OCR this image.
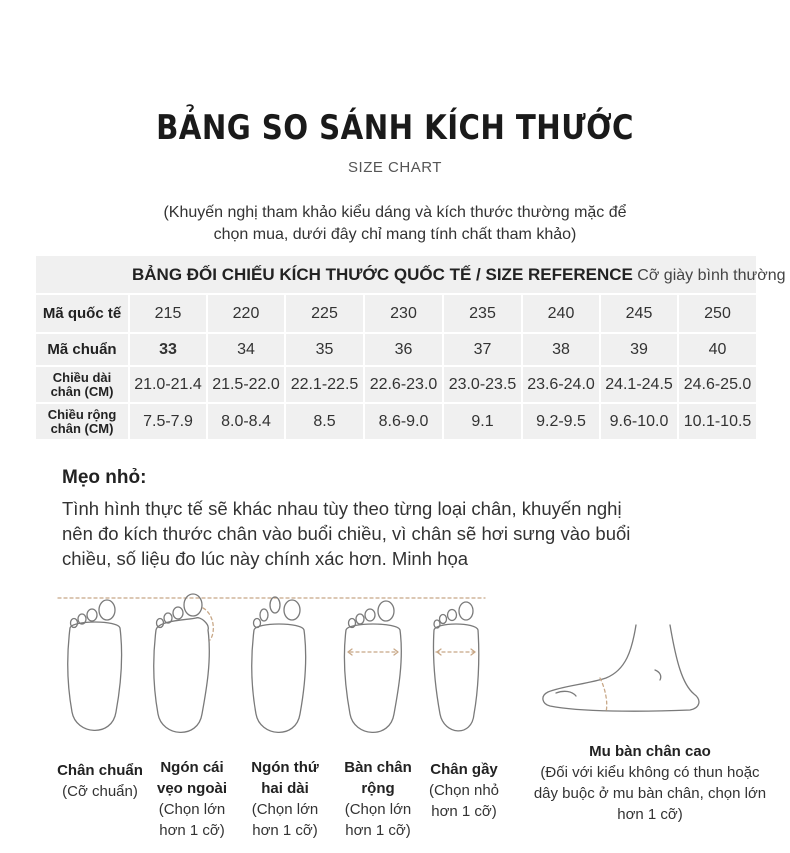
BẢNG SO SÁNH KÍCH THƯỚC
SIZE CHART
(Khuyến nghị tham khảo kiểu dáng và kích thước thường mặc để
chọn mua, dưới đây chỉ mang tính chất tham khảo)
BẢNG ĐỐI CHIẾU KÍCH THƯỚC QUỐC TẾ / SIZE REFERENCE Cỡ giày bình thường								
Mã quốc tế	215	220	225	230	235	240	245	250
Mã chuẩn	33	34	35	36	37	38	39	40
Chiều dài chân (CM)	21.0-21.4	21.5-22.0	22.1-22.5	22.6-23.0	23.0-23.5	23.6-24.0	24.1-24.5	24.6-25.0
Chiều rộng chân (CM)	7.5-7.9	8.0-8.4	8.5	8.6-9.0	9.1	9.2-9.5	9.6-10.0	10.1-10.5
Mẹo nhỏ:
Tình hình thực tế sẽ khác nhau tùy theo từng loại chân, khuyến nghị nên đo kích thước chân vào buổi chiều, vì chân sẽ hơi sưng vào buổi chiều, số liệu đo lúc này chính xác hơn. Minh họa
Chân chuẩn
(Cỡ chuẩn)
Ngón cái vẹo ngoài
(Chọn lớn hơn 1 cỡ)
Ngón thứ hai dài
(Chọn lớn hơn 1 cỡ)
Bàn chân rộng
(Chọn lớn hơn 1 cỡ)
Chân gầy
(Chọn nhỏ hơn 1 cỡ)
Mu bàn chân cao
(Đối với kiểu không có thun hoặc dây buộc ở mu bàn chân, chọn lớn hơn 1 cỡ)
